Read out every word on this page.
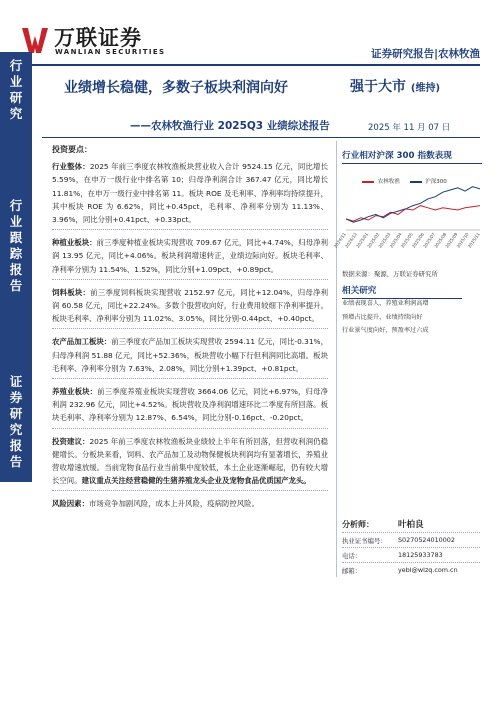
万联证券
WANLIAN SECURITIES	证券研究报告|农林牧渔
行
业
研
究
行
业
跟
踪
报
告
证
券
研
究
报
告
业绩增长稳健，多数子板块利润向好
——农林牧渔行业 2025Q3 业绩综述报告
强于大市 (维持)
2025 年 11 月 07 日
投资要点：
行业整体：2025 年前三季度农林牧渔板块营业收入合计 9524.15 亿元，同比增长 5.59%，在申万一级行业中排名第 10；归母净利润合计 367.47 亿元，同比增长 11.81%，在申万一级行业中排名第 11。板块 ROE 及毛利率、净利率均持续提升，其中板块 ROE 为 6.62%，同比+0.45pct，毛利率、净利率分别为 11.13%、3.96%，同比分别+0.41pct、+0.33pct。
种植业板块：前三季度种植业板块实现营收 709.67 亿元，同比+4.74%，归母净利润 13.95 亿元，同比+4.06%。板块利润增速转正，业绩边际向好。板块毛利率、净利率分别为 11.54%、1.52%，同比分别+1.09pct、+0.89pct。
饲料板块：前三季度饲料板块实现营收 2152.97 亿元，同比+12.04%，归母净利润 60.58 亿元，同比+22.24%。多数个股营收向好，行业费用较细下净利率提升。板块毛利率、净利率分别为 11.02%、3.05%，同比分别-0.44pct、+0.40pct。
农产品加工板块：前三季度农产品加工板块实现营收 2594.11 亿元，同比-0.31%，归母净利润 51.88 亿元，同比+52.36%，板块营收小幅下行但利润同比高增。板块毛利率、净利率分别为 7.63%、2.08%，同比分别+1.39pct、+0.81pct。
养殖业板块：前三季度养殖业板块实现营收 3664.06 亿元，同比+6.97%，归母净利润 232.96 亿元，同比+4.52%。板块营收及净利润增速环比二季度有所回落。板块毛利率、净利率分别为 12.87%、6.54%，同比分别-0.16pct、-0.20pct。
投资建议：2025 年前三季度农林牧渔板块业绩较上半年有所回落，但营收利润仍稳健增长。分板块来看，饲料、农产品加工及动物保健板块利润均有显著增长，养殖业营收增速放缓。当前宠物食品行业当前集中度较低，本土企业逐渐崛起，仍有较大增长空间。建议重点关注经营稳健的生猪养殖龙头企业及宠物食品优质国产龙头。
风险因素：市场竞争加剧风险，成本上升风险，疫病防控风险。
行业相对沪深 300 指数表现
农林牧渔	沪深300
2024/11
2024/12
2025/01
2025/02
2025/03
2025/04
2025/05
2025/06
2025/07
2025/08
2025/09
2025/10
2025/11
数据来源：聚源，万联证券研究所
相关研究
业绩表现喜人，养殖业利润高增
预增占比提升，业绩持续向好
行业景气度向好，预盈率过六成
分析师：	叶柏良
执业证书编号： S0270524010002
电话：	18125933783
邮箱：	yebl@wlzq.com.cn
